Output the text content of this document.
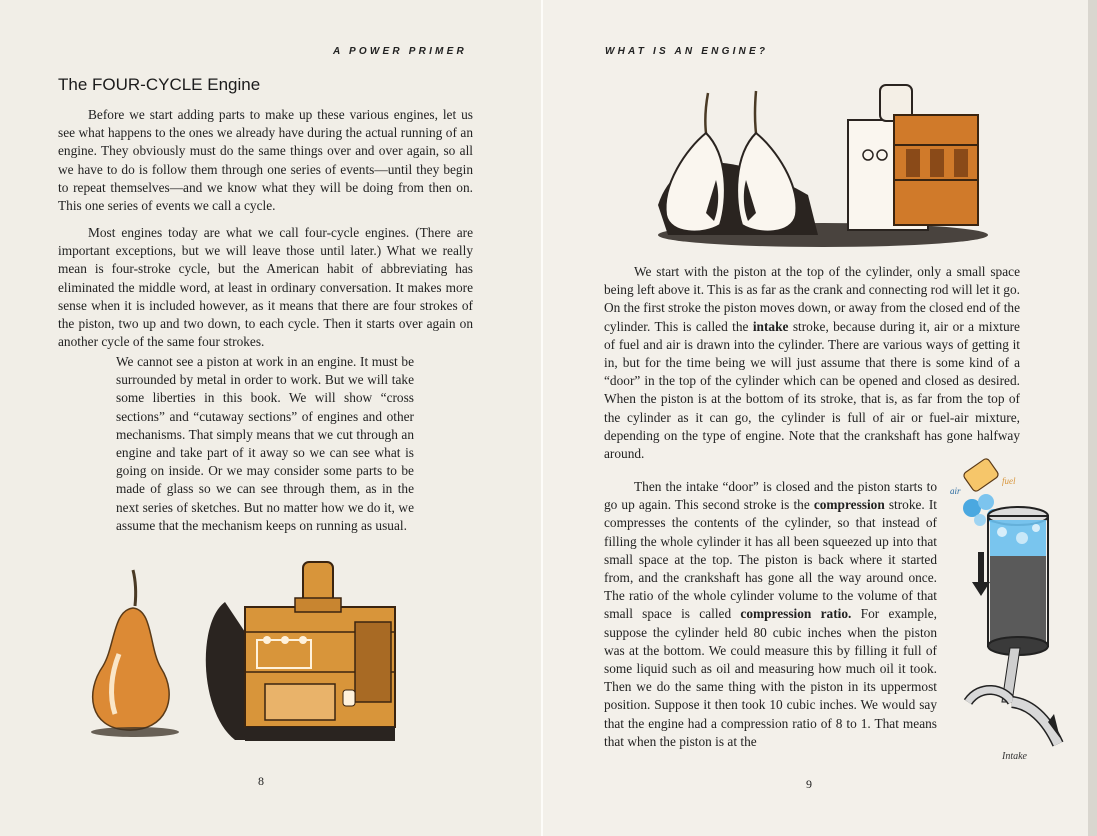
A POWER PRIMER
The FOUR-CYCLE Engine

Before we start adding parts to make up these various engines, let us see what happens to the ones we already have during the actual running of an engine. They obviously must do the same things over and over again, so all we have to do is follow them through one series of events—until they begin to repeat themselves—and we know what they will be doing from then on. This one series of events we call a cycle.

Most engines today are what we call four-cycle engines. (There are important exceptions, but we will leave those until later.) What we really mean is four-stroke cycle, but the American habit of abbreviating has eliminated the middle word, at least in ordinary conversation. It makes more sense when it is included however, as it means that there are four strokes of the piston, two up and two down, to each cycle. Then it starts over again on another cycle of the same four strokes.

We cannot see a piston at work in an engine. It must be surrounded by metal in order to work. But we will take some liberties in this book. We will show “cross sections” and “cutaway sections” of engines and other mechanisms. That simply means that we cut through an engine and take part of it away so we can see what is going on inside. Or we may consider some parts to be made of glass so we can see through them, as in the next series of sketches. But no matter how we do it, we assume that the mechanism keeps on running as usual.

8
WHAT IS AN ENGINE?

We start with the piston at the top of the cylinder, only a small space being left above it. This is as far as the crank and connecting rod will let it go. On the first stroke the piston moves down, or away from the closed end of the cylinder. This is called the intake stroke, because during it, air or a mixture of fuel and air is drawn into the cylinder. There are various ways of getting it in, but for the time being we will just assume that there is some kind of a “door” in the top of the cylinder which can be opened and closed as desired. When the piston is at the bottom of its stroke, that is, as far from the top of the cylinder as it can go, the cylinder is full of air or fuel-air mixture, depending on the type of engine. Note that the crankshaft has gone halfway around.

Then the intake “door” is closed and the piston starts to go up again. This second stroke is the compression stroke. It compresses the contents of the cylinder, so that instead of filling the whole cylinder it has all been squeezed up into that small space at the top. The piston is back where it started from, and the crankshaft has gone all the way around once. The ratio of the whole cylinder volume to the volume of that small space is called compression ratio. For example, suppose the cylinder held 80 cubic inches when the piston was at the bottom. We could measure this by filling it full of some liquid such as oil and measuring how much oil it took. Then we do the same thing with the piston in its uppermost position. Suppose it then took 10 cubic inches. We would say that the engine had a compression ratio of 8 to 1. That means that when the piston is at the

fuel
air
Intake
9
